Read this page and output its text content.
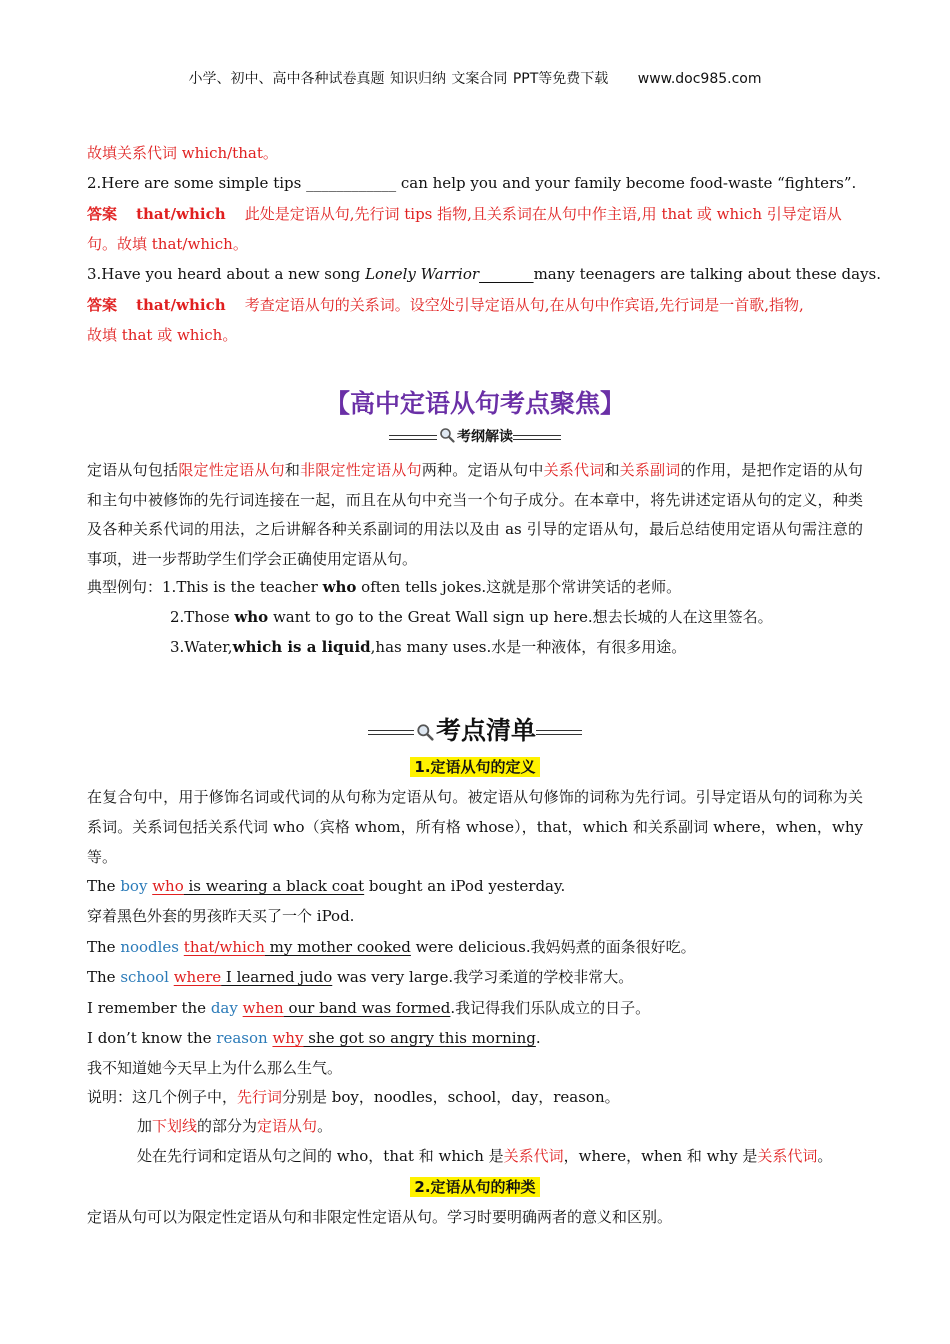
小学、初中、高中各种试卷真题 知识归纳 文案合同 PPT等免费下载 www.doc985.com
故填关系代词 which/that。
2.Here are some simple tips ____________ can help you and your family become food-waste “fighters”.
答案 that/which 此处是定语从句,先行词 tips 指物,且关系词在从句中作主语,用 that 或 which 引导定语从
句。故填 that/which。
3.Have you heard about a new song Lonely Warrior ______ many teenagers are talking about these days.
答案 that/which 考查定语从句的关系词。设空处引导定语从句,在从句中作宾语,先行词是一首歌,指物,
故填 that 或 which。
【高中定语从句考点聚焦】
考纲解读
定语从句包括限定性定语从句和非限定性定语从句两种。定语从句中关系代词和关系副词的作用，是把作定语的从句和主句中被修饰的先行词连接在一起，而且在从句中充当一个句子成分。在本章中，将先讲述定语从句的定义，种类及各种关系代词的用法，之后讲解各种关系副词的用法以及由 as 引导的定语从句，最后总结使用定语从句需注意的事项，进一步帮助学生们学会正确使用定语从句。
典型例句：1.This is the teacher who often tells jokes.这就是那个常讲笑话的老师。
2.Those who want to go to the Great Wall sign up here.想去长城的人在这里签名。
3.Water,which is a liquid,has many uses.水是一种液体，有很多用途。
考点清单
1.定语从句的定义
在复合句中，用于修饰名词或代词的从句称为定语从句。被定语从句修饰的词称为先行词。引导定语从句的词称为关系词。关系词包括关系代词 who（宾格 whom，所有格 whose），that，which 和关系副词 where，when，why 等。
The boy who is wearing a black coat bought an iPod yesterday.
穿着黑色外套的男孩昨天买了一个 iPod.
The noodles that/which my mother cooked were delicious.我妈妈煮的面条很好吃。
The school where I learned judo was very large.我学习柔道的学校非常大。
I remember the day when our band was formed.我记得我们乐队成立的日子。
I don’t know the reason why she got so angry this morning.
我不知道她今天早上为什么那么生气。
说明：这几个例子中，先行词分别是 boy，noodles，school，day，reason。
加下划线的部分为定语从句。
处在先行词和定语从句之间的 who，that 和 which 是关系代词，where，when 和 why 是关系代词。
2.定语从句的种类
定语从句可以为限定性定语从句和非限定性定语从句。学习时要明确两者的意义和区别。
